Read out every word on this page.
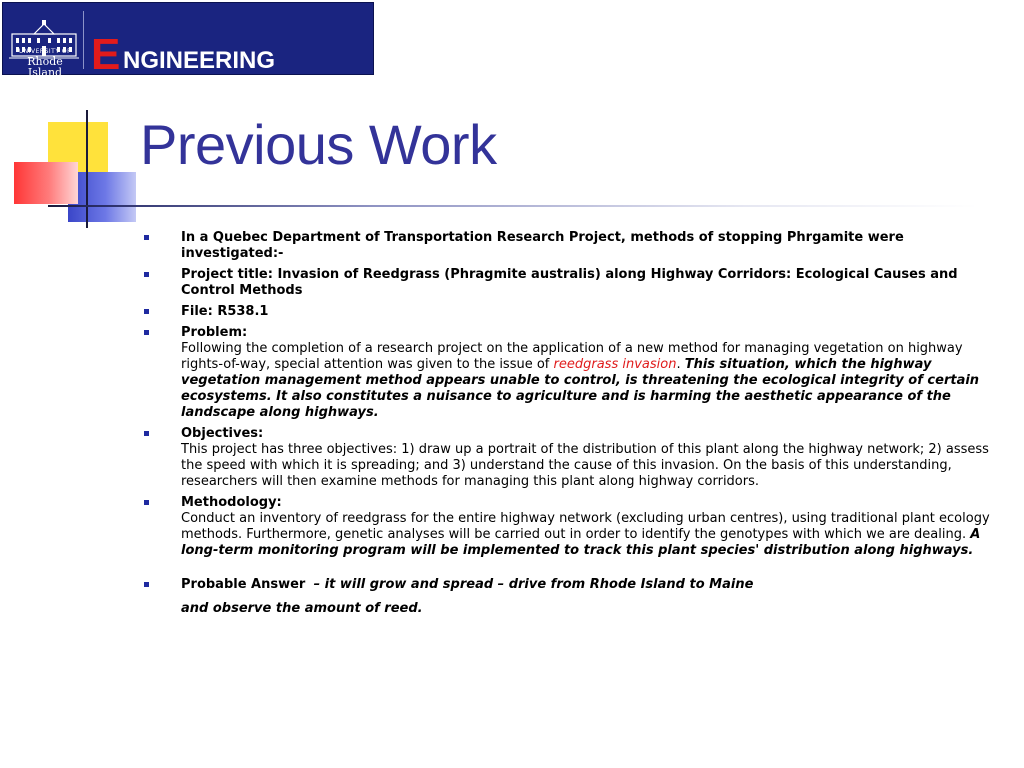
UNIVERSITY OF
Rhode Island E NGINEERING
Previous Work
In a Quebec Department of Transportation Research Project, methods of stopping Phrgamite were investigated:-
Project title: Invasion of Reedgrass (Phragmite australis) along Highway Corridors: Ecological Causes and Control Methods
File: R538.1
Problem:
Following the completion of a research project on the application of a new method for managing vegetation on highway rights-of-way, special attention was given to the issue of reedgrass invasion. This situation, which the highway vegetation management method appears unable to control, is threatening the ecological integrity of certain ecosystems. It also constitutes a nuisance to agriculture and is harming the aesthetic appearance of the landscape along highways.
Objectives:
This project has three objectives: 1) draw up a portrait of the distribution of this plant along the highway network; 2) assess the speed with which it is spreading; and 3) understand the cause of this invasion. On the basis of this understanding, researchers will then examine methods for managing this plant along highway corridors.
Methodology:
Conduct an inventory of reedgrass for the entire highway network (excluding urban centres), using traditional plant ecology methods. Furthermore, genetic analyses will be carried out in order to identify the genotypes with which we are dealing. A long-term monitoring program will be implemented to track this plant species' distribution along highways.
Probable Answer – it will grow and spread – drive from Rhode Island to Maine
and observe the amount of reed.
